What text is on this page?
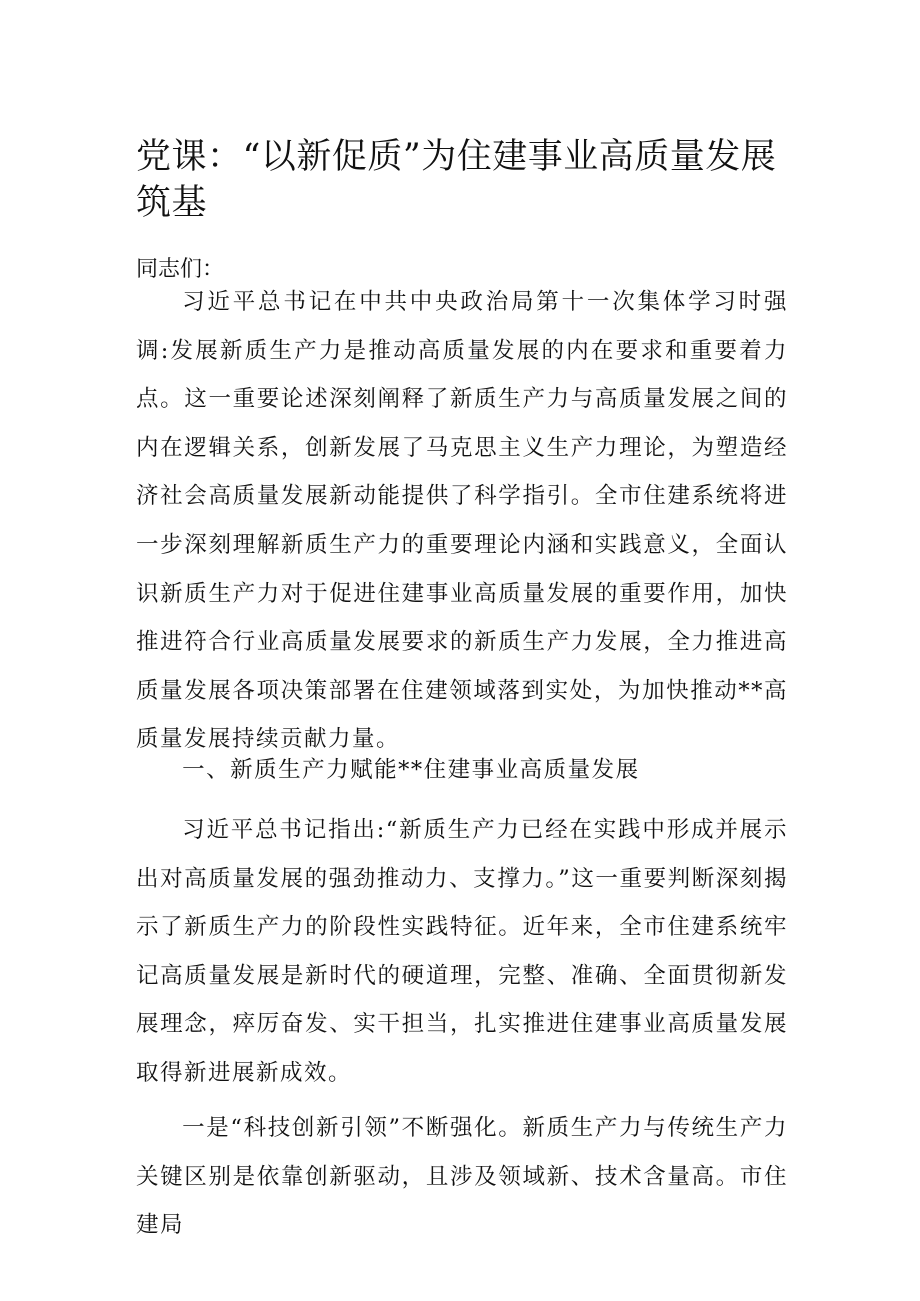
党课：“以新促质”为住建事业高质量发展筑基

同志们：

习近平总书记在中共中央政治局第十一次集体学习时强调:发展新质生产力是推动高质量发展的内在要求和重要着力点。这一重要论述深刻阐释了新质生产力与高质量发展之间的内在逻辑关系，创新发展了马克思主义生产力理论，为塑造经济社会高质量发展新动能提供了科学指引。全市住建系统将进一步深刻理解新质生产力的重要理论内涵和实践意义，全面认识新质生产力对于促进住建事业高质量发展的重要作用，加快推进符合行业高质量发展要求的新质生产力发展，全力推进高质量发展各项决策部署在住建领域落到实处，为加快推动**高质量发展持续贡献力量。

一、新质生产力赋能**住建事业高质量发展

习近平总书记指出:“新质生产力已经在实践中形成并展示出对高质量发展的强劲推动力、支撑力。”这一重要判断深刻揭示了新质生产力的阶段性实践特征。近年来，全市住建系统牢记高质量发展是新时代的硬道理，完整、准确、全面贯彻新发展理念，瘁厉奋发、实干担当，扎实推进住建事业高质量发展取得新进展新成效。

一是“科技创新引领”不断强化。新质生产力与传统生产力关键区别是依靠创新驱动，且涉及领域新、技术含量高。市住建局
